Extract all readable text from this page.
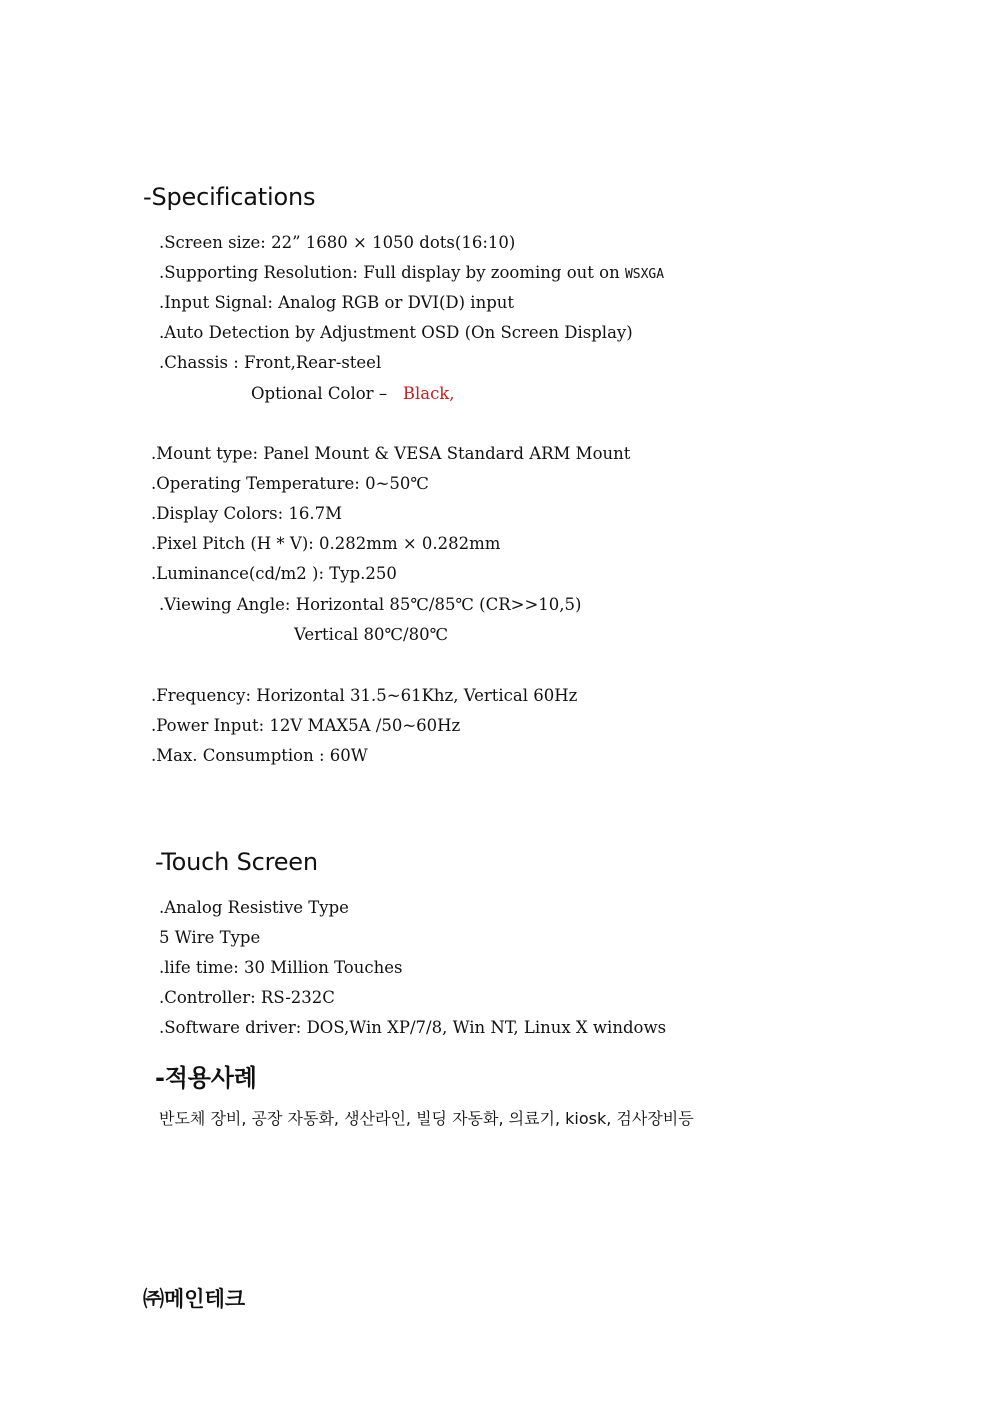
-Specifications
.Screen size: 22” 1680 × 1050 dots(16:10)
.Supporting Resolution: Full display by zooming out on WSXGA
.Input Signal: Analog RGB or DVI(D) input
.Auto Detection by Adjustment OSD (On Screen Display)
.Chassis : Front,Rear-steel
Optional Color – Black,
.Mount type: Panel Mount & VESA Standard ARM Mount
.Operating Temperature: 0~50℃
.Display Colors: 16.7M
.Pixel Pitch (H * V): 0.282mm × 0.282mm
.Luminance(cd/m2 ): Typ.250
.Viewing Angle: Horizontal 85℃/85℃ (CR>>10,5)
Vertical 80℃/80℃
.Frequency: Horizontal 31.5~61Khz, Vertical 60Hz
.Power Input: 12V MAX5A /50~60Hz
.Max. Consumption : 60W
-Touch Screen
.Analog Resistive Type
5 Wire Type
.life time: 30 Million Touches
.Controller: RS-232C
.Software driver: DOS,Win XP/7/8, Win NT, Linux X windows
-적용사례
반도체 장비, 공장 자동화, 생산라인, 빌딩 자동화, 의료기, kiosk, 검사장비등
㈜메인테크
